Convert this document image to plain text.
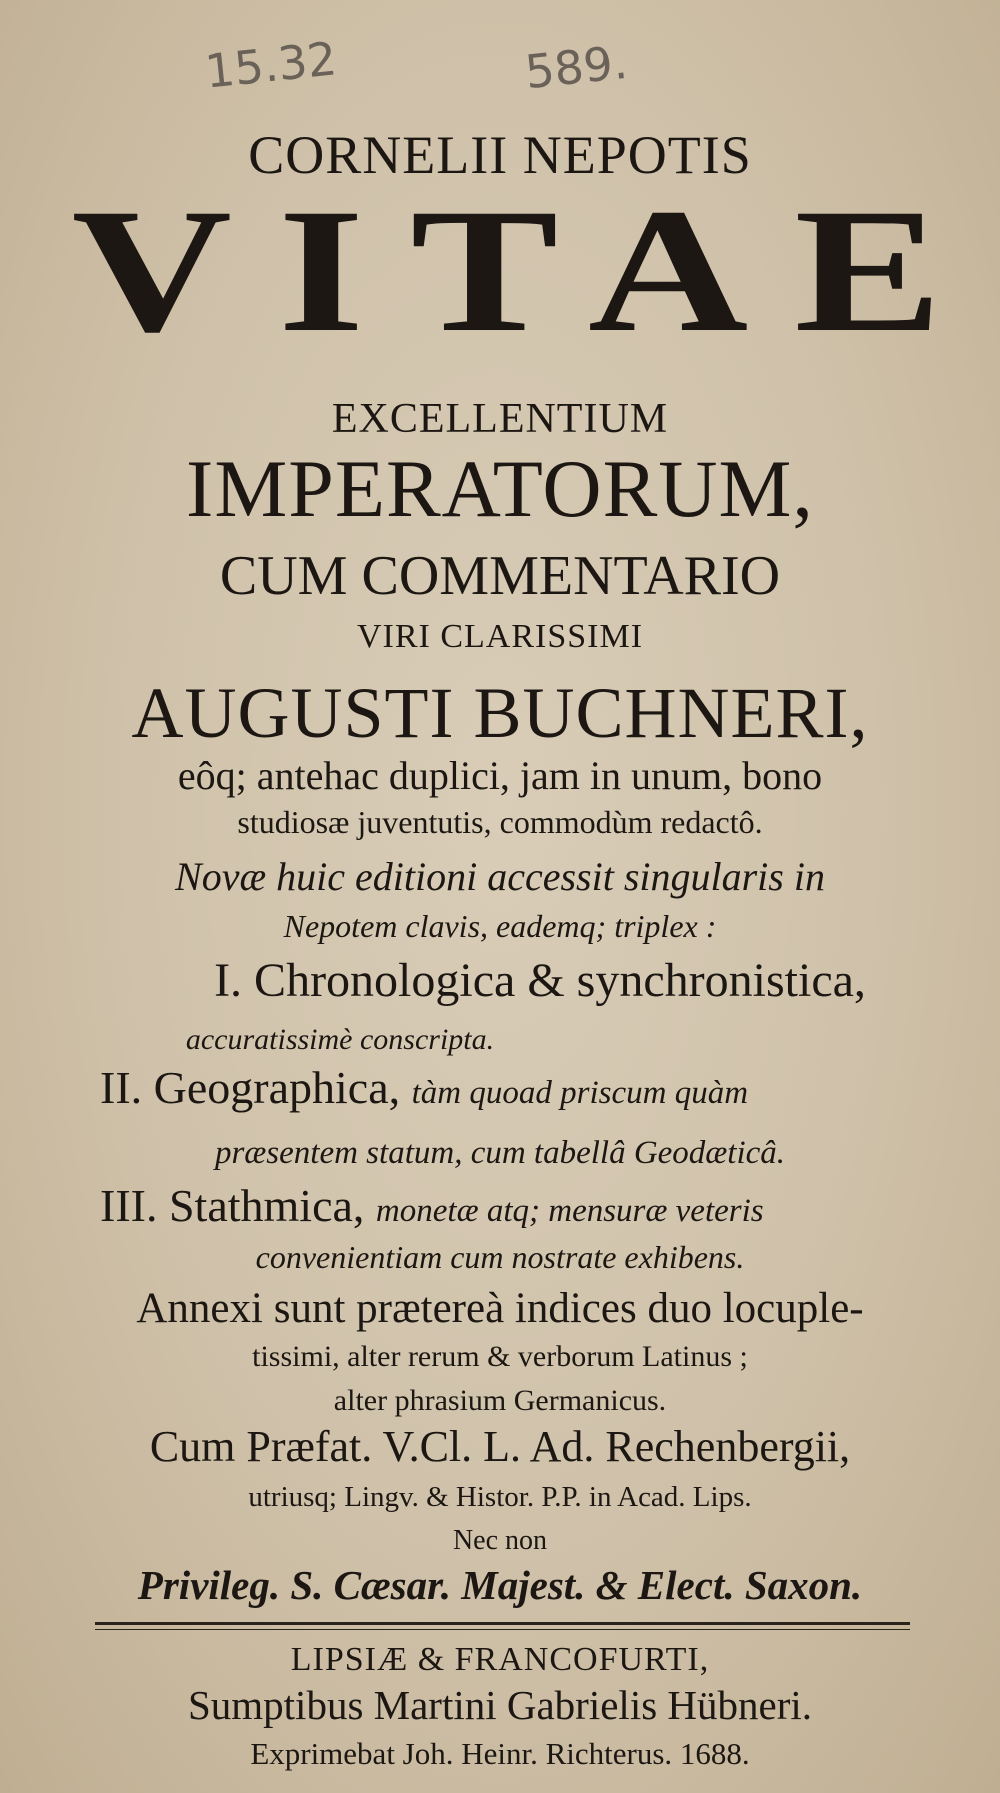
15.32	589.
CORNELII NEPOTIS
VITAE
EXCELLENTIUM
IMPERATORUM,
CUM COMMENTARIO
VIRI CLARISSIMI
AUGUSTI BUCHNERI,
eôq; antehac duplici, jam in unum, bono
studiosæ juventutis, commodùm redactô.
Novæ huic editioni accessit singularis in
Nepotem clavis, eademq; triplex :
I. Chronologica & synchronistica,
accuratissimè conscripta.
II. Geographica, tàm quoad priscum quàm
præsentem statum, cum tabellâ Geodæticâ.
III. Stathmica, monetæ atq; mensuræ veteris
convenientiam cum nostrate exhibens.
Annexi sunt prætereà indices duo locuple-
tissimi, alter rerum & verborum Latinus ;
alter phrasium Germanicus.
Cum Præfat. V.Cl. L. Ad. Rechenbergii,
utriusq; Lingv. & Histor. P.P. in Acad. Lips.
Nec non
Privileg. S. Cæsar. Majest. & Elect. Saxon.
LIPSIÆ & FRANCOFURTI,
Sumptibus Martini Gabrielis Hübneri.
Exprimebat Joh. Heinr. Richterus. 1688.
